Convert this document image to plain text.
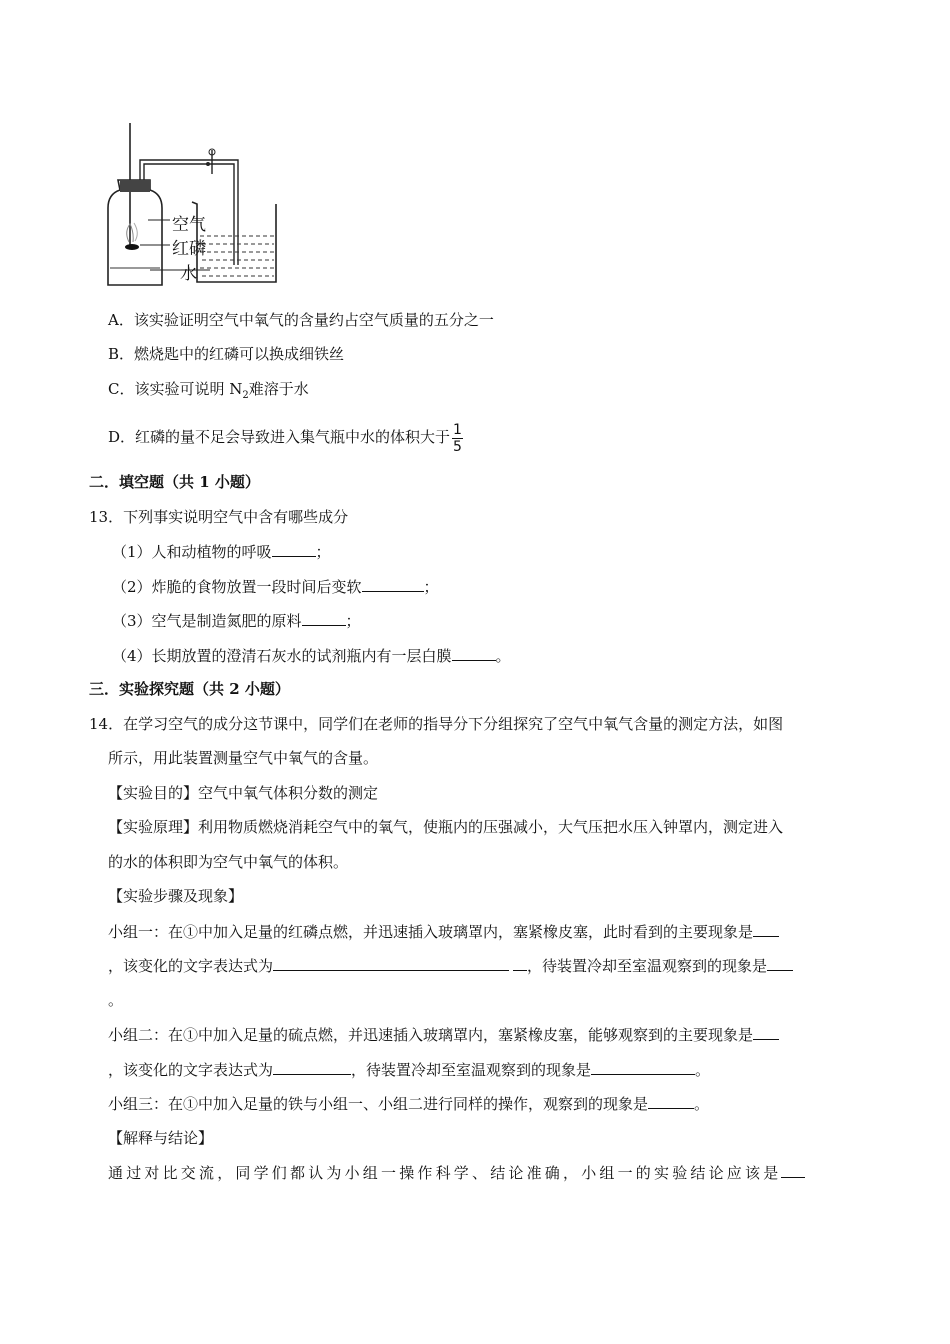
空气
红磷
水
A．该实验证明空气中氧气的含量约占空气质量的五分之一
B．燃烧匙中的红磷可以换成细铁丝
C．该实验可说明 $N_2$难溶于水
D．红磷的量不足会导致进入集气瓶中水的体积大于 $\frac{1}{5}$
二．填空题（共 1 小题）
13．下列事实说明空气中含有哪些成分
（1）人和动植物的呼吸	；
（2）炸脆的食物放置一段时间后变软	；
（3）空气是制造氮肥的原料	；
（4）长期放置的澄清石灰水的试剂瓶内有一层白膜	。
三．实验探究题（共 2 小题）
14．在学习空气的成分这节课中，同学们在老师的指导分下分组探究了空气中氧气含量的测定方法，如图
所示，用此装置测量空气中氧气的含量。
【实验目的】空气中氧气体积分数的测定
【实验原理】利用物质燃烧消耗空气中的氧气，使瓶内的压强减小，大气压把水压入钟罩内，测定进入
的水的体积即为空气中氧气的体积。
【实验步骤及现象】
小组一：在①中加入足量的红磷点燃，并迅速插入玻璃罩内，塞紧橡皮塞，此时看到的主要现象是
，该变化的文字表达式为	，待装置冷却至室温观察到的现象是
。
小组二：在①中加入足量的硫点燃，并迅速插入玻璃罩内，塞紧橡皮塞，能够观察到的主要现象是
，该变化的文字表达式为	，待装置冷却至室温观察到的现象是	。
小组三：在①中加入足量的铁与小组一、小组二进行同样的操作，观察到的现象是	。
【解释与结论】
通过对比交流，同学们都认为小组一操作科学、结论准确，小组一的实验结论应该是
